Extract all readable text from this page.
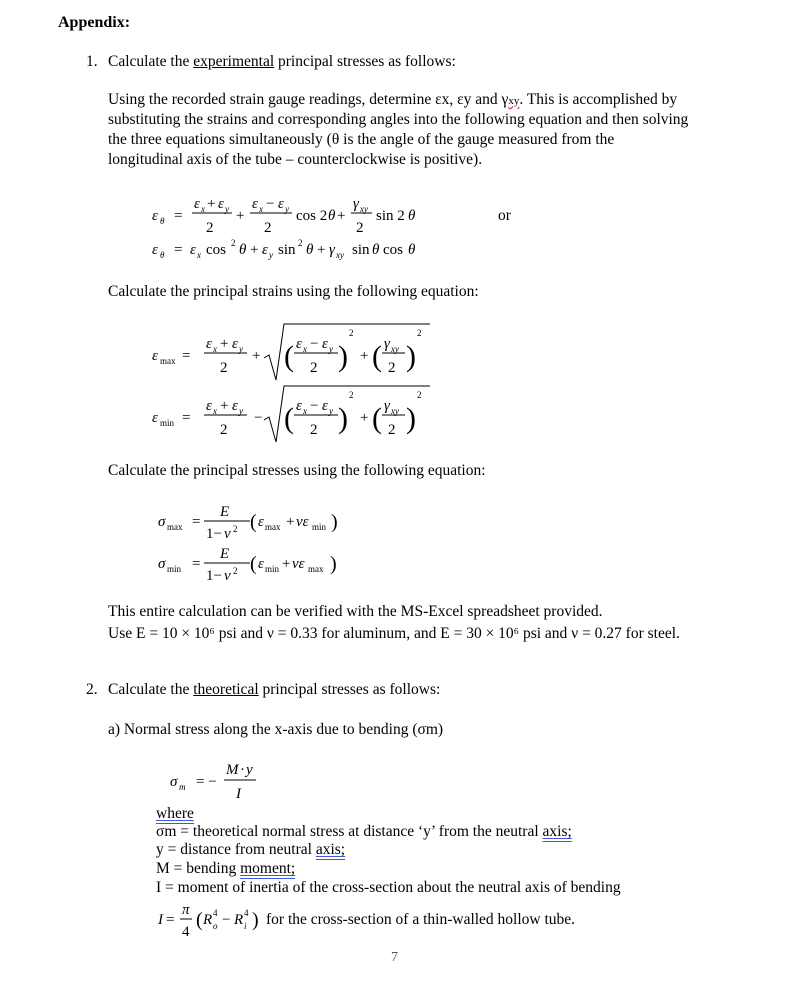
Appendix:
1. Calculate the experimental principal stresses as follows:
Using the recorded strain gauge readings, determine εx, εy and γxy. This is accomplished by
substituting the strains and corresponding angles into the following equation and then solving
the three equations simultaneously (θ is the angle of the gauge measured from the
longitudinal axis of the tube – counterclockwise is positive).
ε θ =
ε x + ε y
2
+
ε x − ε y
2
cos 2 θ +
γ xy
2
sin 2 θ
ε θ = ε x cos 2 θ + ε y sin 2 θ + γ xy sin θ cos θ
or
Calculate the principal strains using the following equation:
ε max =
ε x + ε y
2
+ ( ε x − ε y
2 )
2
+ ( γ xy
2 )
2
ε min =
ε x + ε y
2
− ( ε x − ε y
2 )
2
+ ( γ xy
2 )
2
Calculate the principal stresses using the following equation:
σ max =
E
1− ν 2 ( ε max + νε min )
σ min =
E
1− ν 2 ( ε min + νε max )
This entire calculation can be verified with the MS-Excel spreadsheet provided.
Use E = 10 × 10⁶ psi and ν = 0.33 for aluminum, and E = 30 × 10⁶ psi and ν = 0.27 for steel.
2. Calculate the theoretical principal stresses as follows:
a) Normal stress along the x-axis due to bending (σm)
σ m = −
M · y
I
where
σm = theoretical normal stress at distance ‘y’ from the neutral axis;
y = distance from neutral axis;
M = bending moment;
I = moment of inertia of the cross-section about the neutral axis of bending
I =
π
4
( R 4
o − R 4
i ) for the cross-section of a thin-walled hollow tube.
7
